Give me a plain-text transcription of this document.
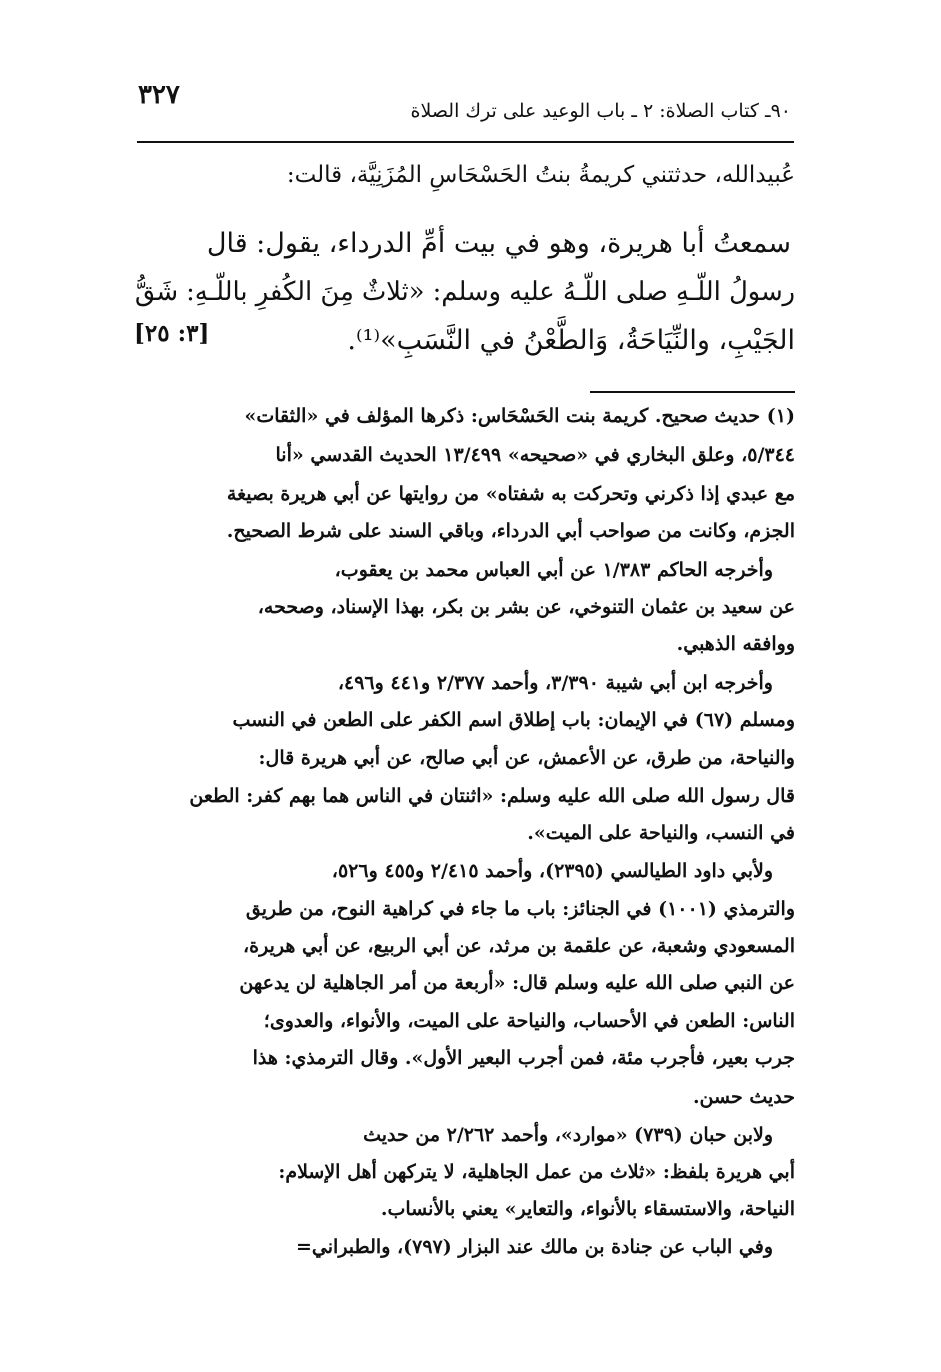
٣٢٧
٩٠ـ كتاب الصلاة: ٢ ـ باب الوعيد على ترك الصلاة
عُبيدالله، حدثتني كريمةُ بنتُ الحَسْحَاسِ المُزَنِيَّة، قالت:
سمعتُ أبا هريرة، وهو في بيت أمِّ الدرداء، يقول: قال
رسولُ اللّـهِ صلى اللّـهُ عليه وسلم: «ثلاثٌ مِنَ الكُفرِ باللّـهِ: شَقُّ
الجَيْبِ، والنِّيَاحَةُ، وَالطَّعْنُ في النَّسَبِ»⁽¹⁾.
[٣: ٢٥]
(١) حديث صحيح. كريمة بنت الحَسْحَاس: ذكرها المؤلف في «الثقات»
٥/٣٤٤، وعلق البخاري في «صحيحه» ١٣/٤٩٩ الحديث القدسي «أنا
مع عبدي إذا ذكرني وتحركت به شفتاه» من روايتها عن أبي هريرة بصيغة
الجزم، وكانت من صواحب أبي الدرداء، وباقي السند على شرط الصحيح.
وأخرجه الحاكم ١/٣٨٣ عن أبي العباس محمد بن يعقوب،
عن سعيد بن عثمان التنوخي، عن بشر بن بكر، بهذا الإسناد، وصححه،
ووافقه الذهبي.
وأخرجه ابن أبي شيبة ٣/٣٩٠، وأحمد ٢/٣٧٧ و٤٤١ و٤٩٦،
ومسلم (٦٧) في الإيمان: باب إطلاق اسم الكفر على الطعن في النسب
والنياحة، من طرق، عن الأعمش، عن أبي صالح، عن أبي هريرة قال:
قال رسول الله صلى الله عليه وسلم: «اثنتان في الناس هما بهم كفر: الطعن
في النسب، والنياحة على الميت».
ولأبي داود الطيالسي (٢٣٩٥)، وأحمد ٢/٤١٥ و٤٥٥ و٥٢٦،
والترمذي (١٠٠١) في الجنائز: باب ما جاء في كراهية النوح، من طريق
المسعودي وشعبة، عن علقمة بن مرثد، عن أبي الربيع، عن أبي هريرة،
عن النبي صلى الله عليه وسلم قال: «أربعة من أمر الجاهلية لن يدعهن
الناس: الطعن في الأحساب، والنياحة على الميت، والأنواء، والعدوى؛
جرب بعير، فأجرب مئة، فمن أجرب البعير الأول». وقال الترمذي: هذا
حديث حسن.
ولابن حبان (٧٣٩) «موارد»، وأحمد ٢/٢٦٢ من حديث
أبي هريرة بلفظ: «ثلاث من عمل الجاهلية، لا يتركهن أهل الإسلام:
النياحة، والاستسقاء بالأنواء، والتعاير» يعني بالأنساب.
وفي الباب عن جنادة بن مالك عند البزار (٧٩٧)، والطبراني=
